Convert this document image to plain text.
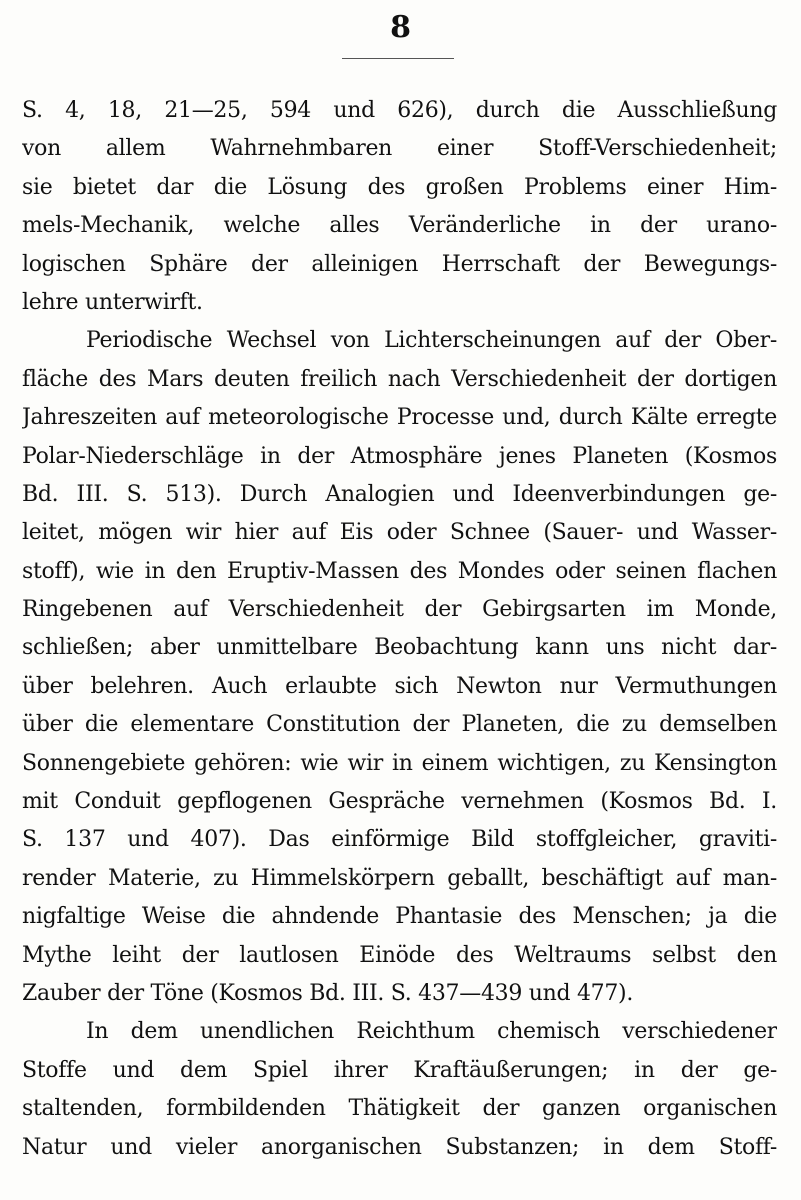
8
S. 4, 18, 21—25, 594 und 626), durch die Ausschließung
von allem Wahrnehmbaren einer Stoff-Verschiedenheit;
sie bietet dar die Lösung des großen Problems einer Him-
mels-Mechanik, welche alles Veränderliche in der urano-
logischen Sphäre der alleinigen Herrschaft der Bewegungs-
lehre unterwirft.
Periodische Wechsel von Lichterscheinungen auf der Ober-
fläche des Mars deuten freilich nach Verschiedenheit der dortigen
Jahreszeiten auf meteorologische Processe und, durch Kälte erregte
Polar-Niederschläge in der Atmosphäre jenes Planeten (Kosmos
Bd. III. S. 513). Durch Analogien und Ideenverbindungen ge-
leitet, mögen wir hier auf Eis oder Schnee (Sauer- und Wasser-
stoff), wie in den Eruptiv-Massen des Mondes oder seinen flachen
Ringebenen auf Verschiedenheit der Gebirgsarten im Monde,
schließen; aber unmittelbare Beobachtung kann uns nicht dar-
über belehren. Auch erlaubte sich Newton nur Vermuthungen
über die elementare Constitution der Planeten, die zu demselben
Sonnengebiete gehören: wie wir in einem wichtigen, zu Kensington
mit Conduit gepflogenen Gespräche vernehmen (Kosmos Bd. I.
S. 137 und 407). Das einförmige Bild stoffgleicher, graviti-
render Materie, zu Himmelskörpern geballt, beschäftigt auf man-
nigfaltige Weise die ahndende Phantasie des Menschen; ja die
Mythe leiht der lautlosen Einöde des Weltraums selbst den
Zauber der Töne (Kosmos Bd. III. S. 437—439 und 477).
In dem unendlichen Reichthum chemisch verschiedener
Stoffe und dem Spiel ihrer Kraftäußerungen; in der ge-
staltenden, formbildenden Thätigkeit der ganzen organischen
Natur und vieler anorganischen Substanzen; in dem Stoff-
